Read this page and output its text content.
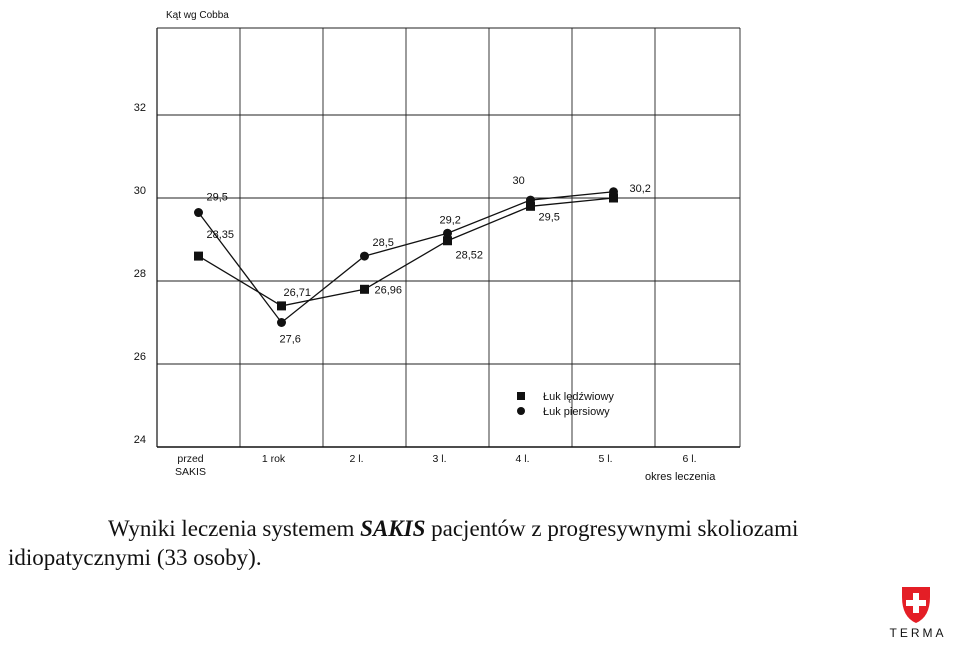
24
26
28
30
32
przed
SAKIS
1 rok	2 l.	3 l.	4 l.	5 l.	6 l.
28,35
26,71	26,96
28,52
29,5
29,5
27,6
28,5
29,2
30
30,2
Łuk lędźwiowy
Łuk piersiowy
Kąt wg Cobba
okres leczenia
Wyniki leczenia systemem SAKIS pacjentów z progresywnymi skoliozami
idiopatycznymi (33 osoby).
TERMA
